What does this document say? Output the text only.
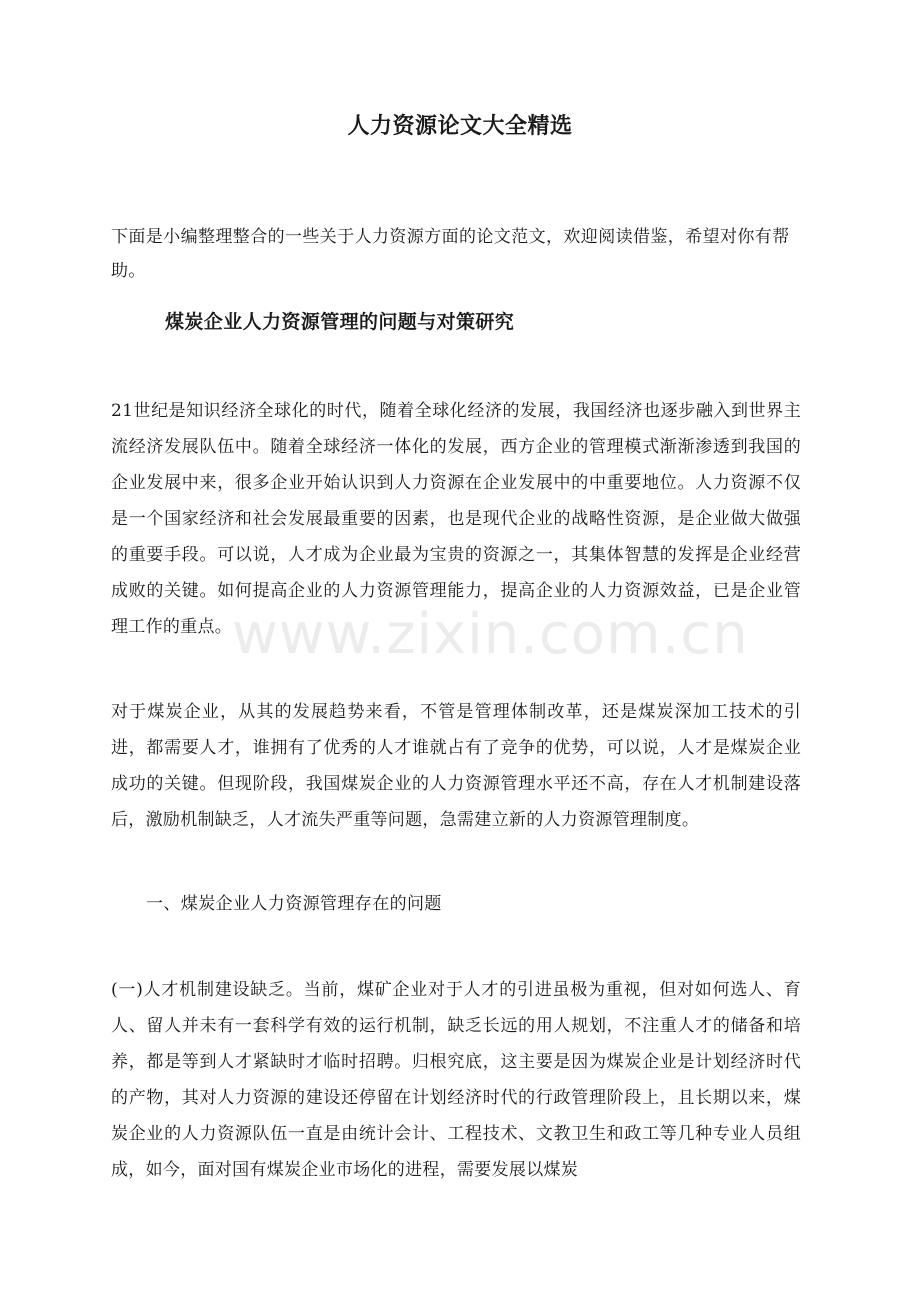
人力资源论文大全精选
下面是小编整理整合的一些关于人力资源方面的论文范文，欢迎阅读借鉴，希望对你有帮助。
煤炭企业人力资源管理的问题与对策研究
21世纪是知识经济全球化的时代，随着全球化经济的发展，我国经济也逐步融入到世界主流经济发展队伍中。随着全球经济一体化的发展，西方企业的管理模式渐渐渗透到我国的企业发展中来，很多企业开始认识到人力资源在企业发展中的中重要地位。人力资源不仅是一个国家经济和社会发展最重要的因素，也是现代企业的战略性资源，是企业做大做强的重要手段。可以说，人才成为企业最为宝贵的资源之一，其集体智慧的发挥是企业经营成败的关键。如何提高企业的人力资源管理能力，提高企业的人力资源效益，已是企业管理工作的重点。
对于煤炭企业，从其的发展趋势来看，不管是管理体制改革，还是煤炭深加工技术的引进，都需要人才，谁拥有了优秀的人才谁就占有了竞争的优势，可以说，人才是煤炭企业成功的关键。但现阶段，我国煤炭企业的人力资源管理水平还不高，存在人才机制建设落后，激励机制缺乏，人才流失严重等问题，急需建立新的人力资源管理制度。
一、煤炭企业人力资源管理存在的问题
(一)人才机制建设缺乏。当前，煤矿企业对于人才的引进虽极为重视，但对如何选人、育人、留人并未有一套科学有效的运行机制，缺乏长远的用人规划，不注重人才的储备和培养，都是等到人才紧缺时才临时招聘。归根究底，这主要是因为煤炭企业是计划经济时代的产物，其对人力资源的建设还停留在计划经济时代的行政管理阶段上，且长期以来，煤炭企业的人力资源队伍一直是由统计会计、工程技术、文教卫生和政工等几种专业人员组成，如今，面对国有煤炭企业市场化的进程，需要发展以煤炭
www.zixin.com.cn
